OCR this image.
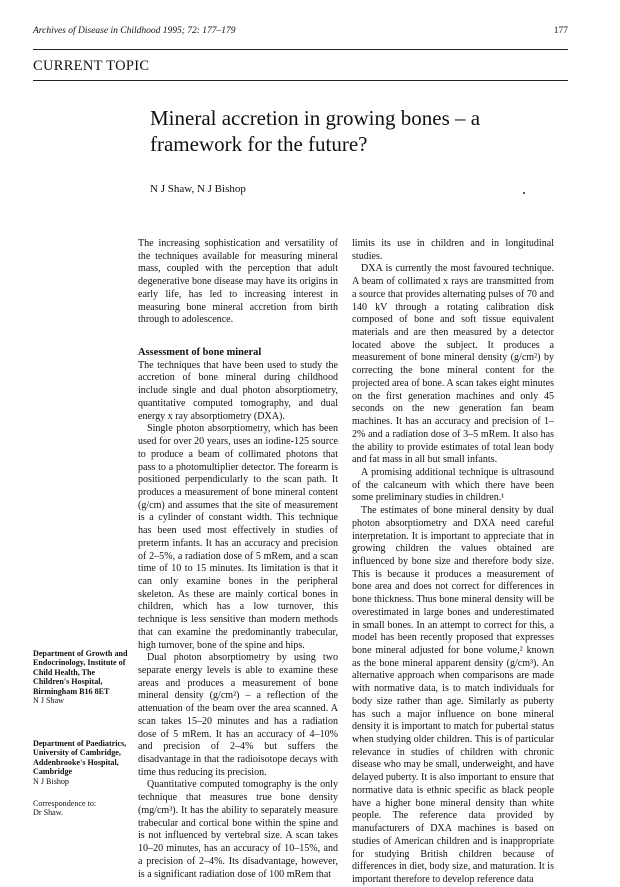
Archives of Disease in Childhood 1995; 72: 177–179	177
CURRENT TOPIC
Mineral accretion in growing bones – a framework for the future?
N J Shaw, N J Bishop

The increasing sophistication and versatility of the techniques available for measuring mineral mass, coupled with the perception that adult degenerative bone disease may have its origins in early life, has led to increasing interest in measuring bone mineral accretion from birth through to adolescence.

Assessment of bone mineral

The techniques that have been used to study the accretion of bone mineral during childhood include single and dual photon absorptiometry, quantitative computed tomography, and dual energy x ray absorptiometry (DXA).

Single photon absorptiometry, which has been used for over 20 years, uses an iodine-125 source to produce a beam of collimated photons that pass to a photomultiplier detector. The forearm is positioned perpendicularly to the scan path. It produces a measurement of bone mineral content (g/cm) and assumes that the site of measurement is a cylinder of constant width. This technique has been used most effectively in studies of preterm infants. It has an accuracy and precision of 2–5%, a radiation dose of 5 mRem, and a scan time of 10 to 15 minutes. Its limitation is that it can only examine bones in the peripheral skeleton. As these are mainly cortical bones in children, which has a low turnover, this technique is less sensitive than modern methods that can examine the predominantly trabecular, high turnover, bone of the spine and hips.

Dual photon absorptiometry by using two separate energy levels is able to examine these areas and produces a measurement of bone mineral density (g/cm²) – a reflection of the attenuation of the beam over the area scanned. A scan takes 15–20 minutes and has a radiation dose of 5 mRem. It has an accuracy of 4–10% and precision of 2–4% but suffers the disadvantage in that the radioisotope decays with time thus reducing its precision.

Quantitative computed tomography is the only technique that measures true bone density (mg/cm³). It has the ability to separately measure trabecular and cortical bone within the spine and is not influenced by vertebral size. A scan takes 10–20 minutes, has an accuracy of 10–15%, and a precision of 2–4%. Its disadvantage, however, is a significant radiation dose of 100 mRem that

limits its use in children and in longitudinal studies.

DXA is currently the most favoured technique. A beam of collimated x rays are transmitted from a source that provides alternating pulses of 70 and 140 kV through a rotating calibration disk composed of bone and soft tissue equivalent materials and are then measured by a detector located above the subject. It produces a measurement of bone mineral density (g/cm²) by correcting the bone mineral content for the projected area of bone. A scan takes eight minutes on the first generation machines and only 45 seconds on the new generation fan beam machines. It has an accuracy and precision of 1–2% and a radiation dose of 3–5 mRem. It also has the ability to provide estimates of total lean body and fat mass in all but small infants.

A promising additional technique is ultrasound of the calcaneum with which there have been some preliminary studies in children.¹

The estimates of bone mineral density by dual photon absorptiometry and DXA need careful interpretation. It is important to appreciate that in growing children the values obtained are influenced by bone size and therefore body size. This is because it produces a measurement of bone area and does not correct for differences in bone thickness. Thus bone mineral density will be overestimated in large bones and underestimated in small bones. In an attempt to correct for this, a model has been recently proposed that expresses bone mineral adjusted for bone volume,² known as the bone mineral apparent density (g/cm³). An alternative approach when comparisons are made with normative data, is to match individuals for body size rather than age. Similarly as puberty has such a major influence on bone mineral density it is important to match for pubertal status when studying older children. This is of particular relevance in studies of children with chronic disease who may be small, underweight, and have delayed puberty. It is also important to ensure that normative data is ethnic specific as black people have a higher bone mineral density than white people. The reference data provided by manufacturers of DXA machines is based on studies of American children and is inappropriate for studying British children because of differences in diet, body size, and maturation. It is important therefore to develop reference data

Department of Growth and Endocrinology, Institute of Child Health, The Children's Hospital, Birmingham B16 8ET
N J Shaw
Department of Paediatrics, University of Cambridge, Addenbrooke's Hospital, Cambridge
N J Bishop
Correspondence to:
Dr Shaw.
